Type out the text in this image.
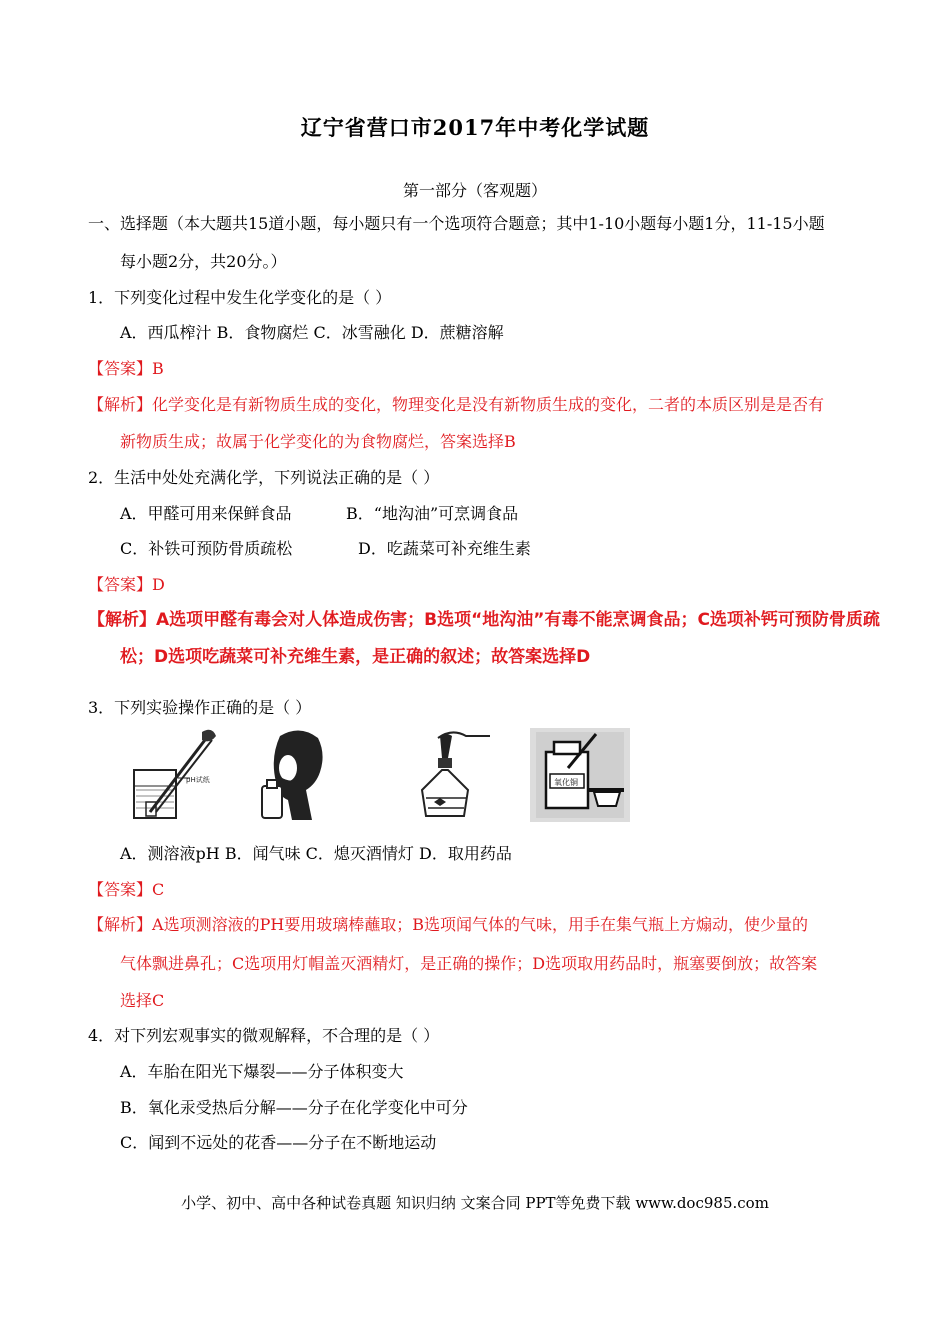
辽宁省营口市2017年中考化学试题
第一部分（客观题）
一、选择题（本大题共15道小题，每小题只有一个选项符合题意；其中1-10小题每小题1分，11-15小题
每小题2分，共20分。）
1．下列变化过程中发生化学变化的是（ ）
A．西瓜榨汁 B．食物腐烂 C．冰雪融化 D．蔗糖溶解
【答案】B
【解析】化学变化是有新物质生成的变化，物理变化是没有新物质生成的变化，二者的本质区别是是否有
新物质生成；故属于化学变化的为食物腐烂，答案选择B
2．生活中处处充满化学，下列说法正确的是（ ）
A．甲醛可用来保鲜食品	B．“地沟油”可烹调食品
C．补铁可预防骨质疏松	D．吃蔬菜可补充维生素
【答案】D
【解析】A选项甲醛有毒会对人体造成伤害；B选项“地沟油”有毒不能烹调食品；C选项补钙可预防骨质疏
松；D选项吃蔬菜可补充维生素，是正确的叙述；故答案选择D
3．下列实验操作正确的是（ ）
pH试纸	氧化铜
A．测溶液pH B．闻气味 C．熄灭酒情灯 D．取用药品
【答案】C
【解析】A选项测溶液的PH要用玻璃棒蘸取；B选项闻气体的气味，用手在集气瓶上方煽动，使少量的
气体飘进鼻孔；C选项用灯帽盖灭酒精灯，是正确的操作；D选项取用药品时，瓶塞要倒放；故答案
选择C
4．对下列宏观事实的微观解释，不合理的是（ ）
A．车胎在阳光下爆裂——分子体积变大
B．氧化汞受热后分解——分子在化学变化中可分
C．闻到不远处的花香——分子在不断地运动
小学、初中、高中各种试卷真题 知识归纳 文案合同 PPT等免费下载 www.doc985.com
